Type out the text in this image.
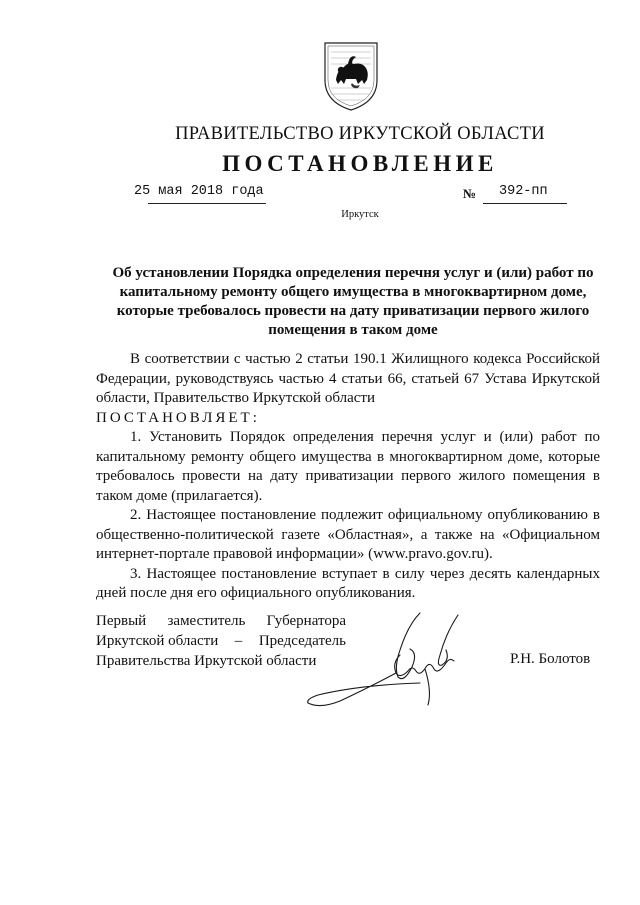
ПРАВИТЕЛЬСТВО ИРКУТСКОЙ ОБЛАСТИ
ПОСТАНОВЛЕНИЕ
25 мая 2018 года	№ 392-пп
Иркутск
Об установлении Порядка определения перечня услуг и (или) работ по капитальному ремонту общего имущества в многоквартирном доме, которые требовалось провести на дату приватизации первого жилого помещения в таком доме

В соответствии с частью 2 статьи 190.1 Жилищного кодекса Российской Федерации, руководствуясь частью 4 статьи 66, статьей 67 Устава Иркутской области, Правительство Иркутской области

ПОСТАНОВЛЯЕТ:

1. Установить Порядок определения перечня услуг и (или) работ по капитальному ремонту общего имущества в многоквартирном доме, которые требовалось провести на дату приватизации первого жилого помещения в таком доме (прилагается).

2. Настоящее постановление подлежит официальному опубликованию в общественно-политической газете «Областная», а также на «Официальном интернет-портале правовой информации» (www.pravo.gov.ru).

3. Настоящее постановление вступает в силу через десять календарных дней после дня его официального опубликования.

Первый заместитель Губернатора
Иркутской области – Председатель
Правительства Иркутской области	Р.Н. Болотов
